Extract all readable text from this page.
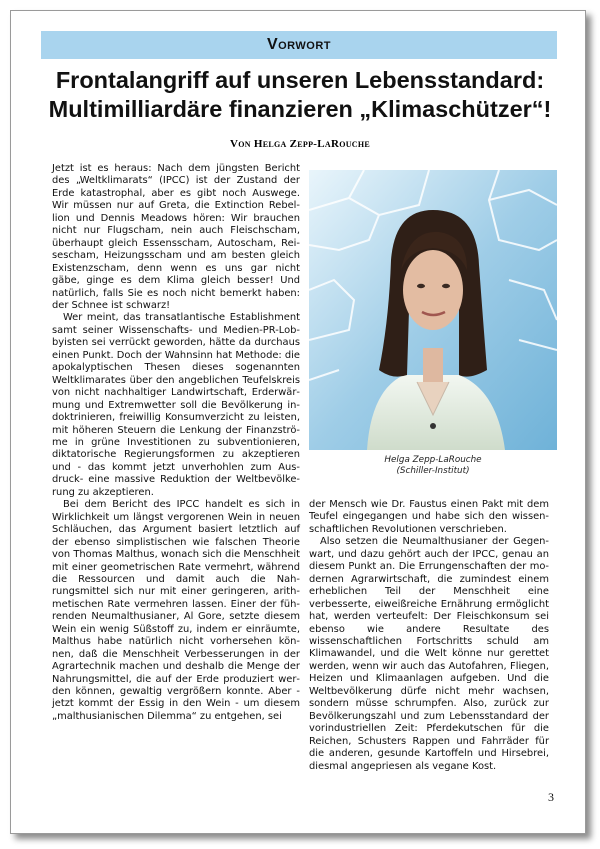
Vorwort
Frontalangriff auf unseren Lebensstandard:
Multimilliardäre finanzieren „Klimaschützer“!
Von Helga Zepp-LaRouche

Jetzt ist es heraus: Nach dem jüngsten Bericht des „Weltklimarats“ (IPCC) ist der Zustand der Erde katastrophal, aber es gibt noch Auswege. Wir müssen nur auf Greta, die Extinction Rebellion und Dennis Meadows hören: Wir brauchen nicht nur Flugscham, nein auch Fleischscham, überhaupt gleich Essensscham, Autoscham, Reisescham, Heizungsscham und am besten gleich Existenzscham, denn wenn es uns gar nicht gäbe, ginge es dem Klima gleich besser! Und natürlich, falls Sie es noch nicht bemerkt haben: der Schnee ist schwarz!

Wer meint, das transatlantische Establishment samt seiner Wissenschafts- und Medien-PR-Lobbyisten sei verrückt geworden, hätte da durchaus einen Punkt. Doch der Wahnsinn hat Methode: die apokalyptischen Thesen dieses sogenannten Weltklimarates über den angeblichen Teufelskreis von nicht nachhaltiger Landwirtschaft, Erderwärmung und Extremwetter soll die Bevölkerung indoktrinieren, freiwillig Konsumverzicht zu leisten, mit höheren Steuern die Lenkung der Finanzströme in grüne Investitionen zu subventionieren, diktatorische Regierungsformen zu akzeptieren und - das kommt jetzt unverhohlen zum Ausdruck- eine massive Reduktion der Weltbevölkerung zu akzeptieren.

Bei dem Bericht des IPCC handelt es sich in Wirklichkeit um längst vergorenen Wein in neuen Schläuchen, das Argument basiert letztlich auf der ebenso simplistischen wie falschen Theorie von Thomas Malthus, wonach sich die Menschheit mit einer geometrischen Rate vermehrt, während die Ressourcen und damit auch die Nahrungsmittel sich nur mit einer geringeren, arithmetischen Rate vermehren lassen. Einer der führenden Neumalthusianer, Al Gore, setzte diesem Wein ein wenig Süßstoff zu, indem er einräumte, Malthus habe natürlich nicht vorhersehen können, daß die Menschheit Verbesserungen in der Agrartechnik machen und deshalb die Menge der Nahrungsmittel, die auf der Erde produziert werden können, gewaltig vergrößern konnte. Aber - jetzt kommt der Essig in den Wein - um diesem „malthusianischen Dilemma“ zu entgehen, sei

Helga Zepp-LaRouche
(Schiller-Institut)

der Mensch wie Dr. Faustus einen Pakt mit dem Teufel eingegangen und habe sich den wissenschaftlichen Revolutionen verschrieben.

Also setzen die Neumalthusianer der Gegenwart, und dazu gehört auch der IPCC, genau an diesem Punkt an. Die Errungenschaften der modernen Agrarwirtschaft, die zumindest einem erheblichen Teil der Menschheit eine verbesserte, eiweißreiche Ernährung ermöglicht hat, werden verteufelt: Der Fleischkonsum sei ebenso wie andere Resultate des wissenschaftlichen Fortschritts schuld am Klimawandel, und die Welt könne nur gerettet werden, wenn wir auch das Autofahren, Fliegen, Heizen und Klimaanlagen aufgeben. Und die Weltbevölkerung dürfe nicht mehr wachsen, sondern müsse schrumpfen. Also, zurück zur Bevölkerungszahl und zum Lebensstandard der vorindustriellen Zeit: Pferdekutschen für die Reichen, Schusters Rappen und Fahrräder für die anderen, gesunde Kartoffeln und Hirsebrei, diesmal angepriesen als vegane Kost.

3
